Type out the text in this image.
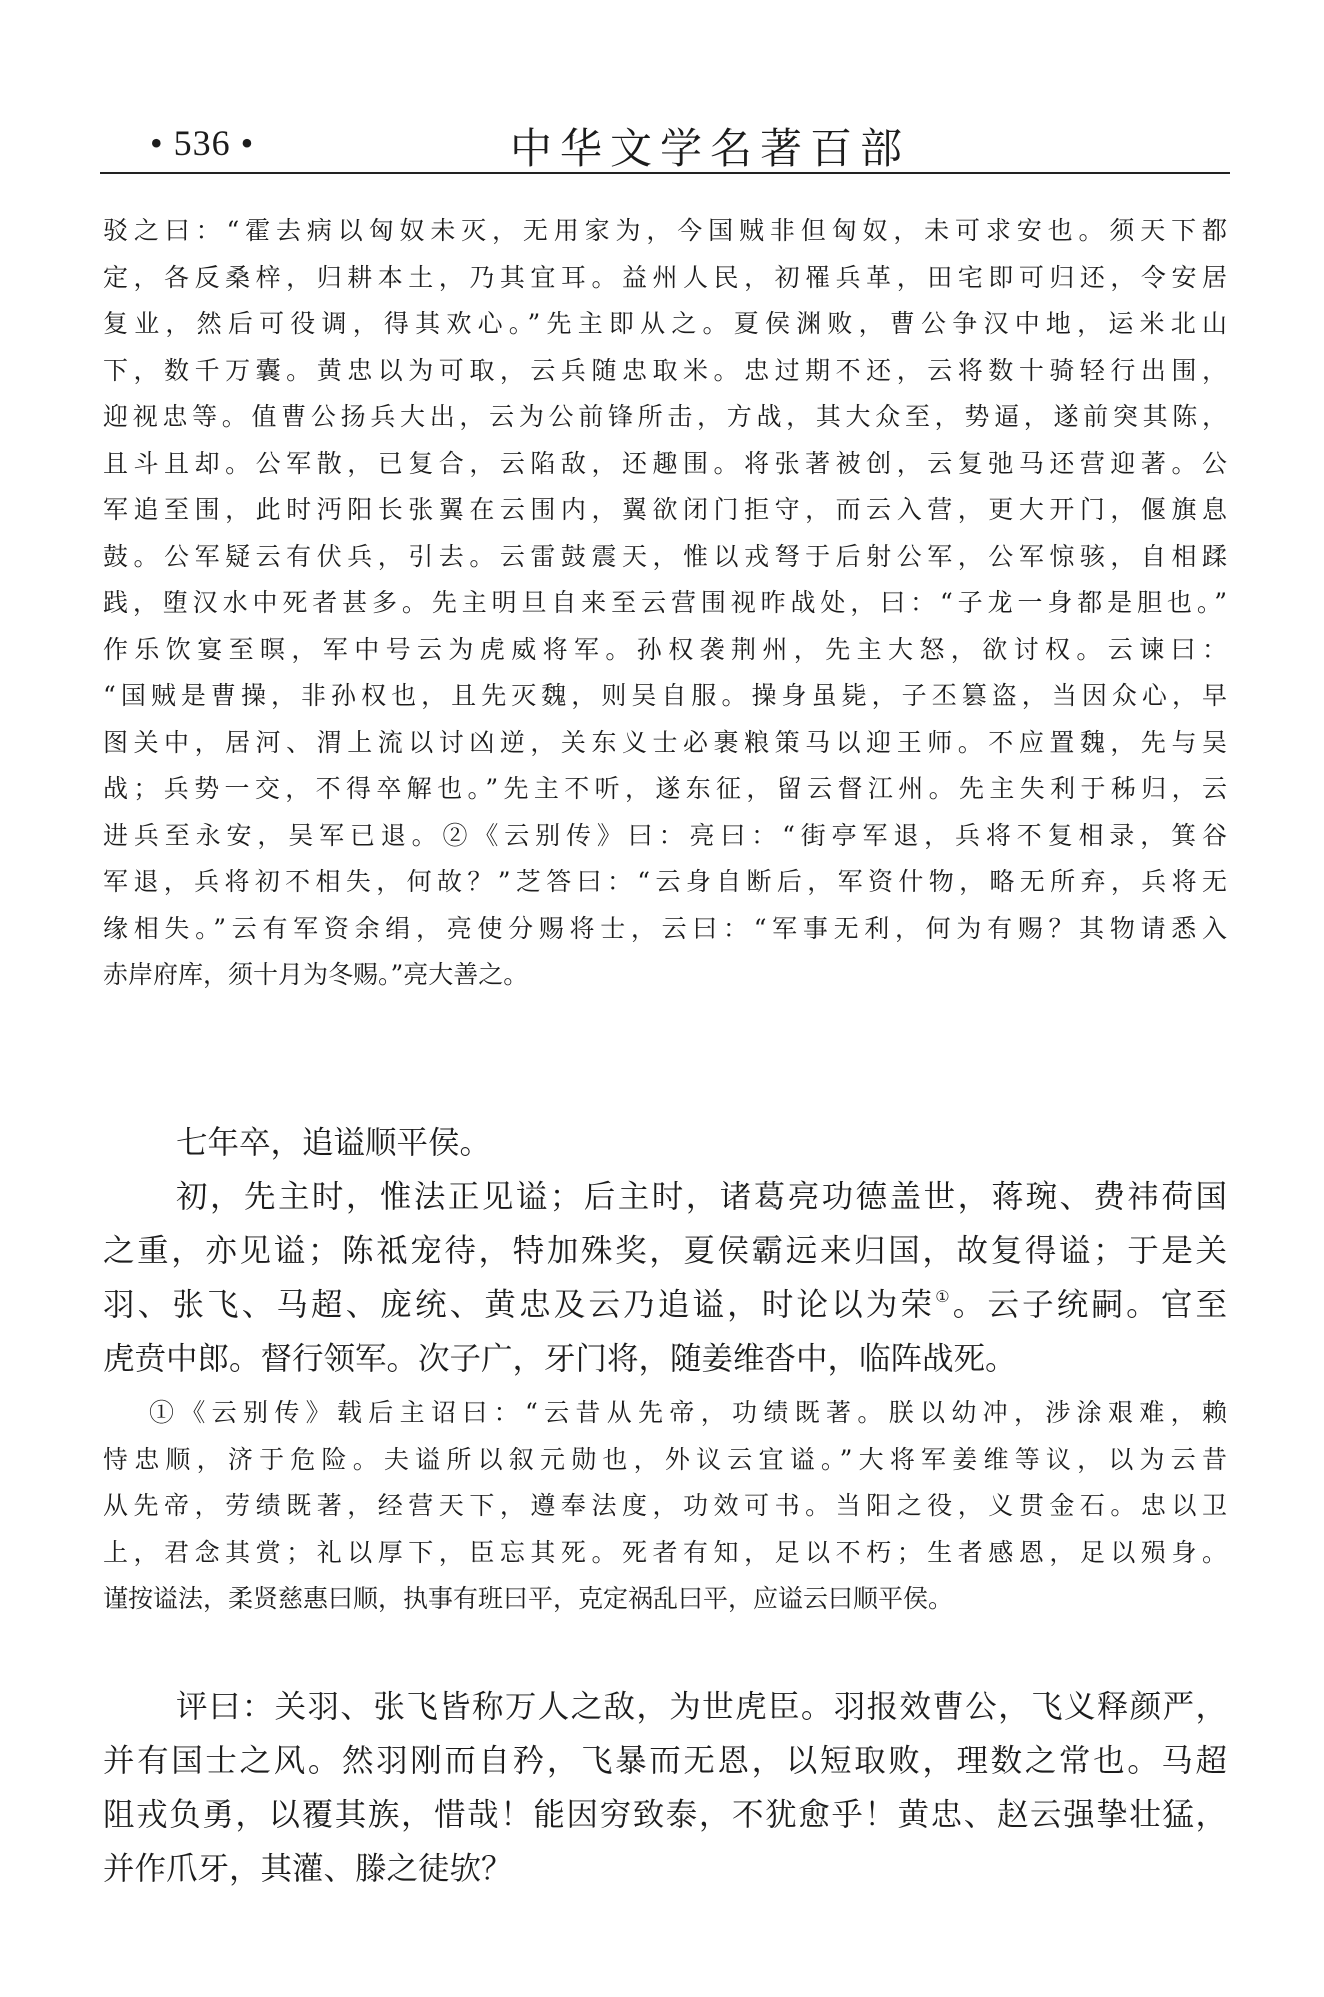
• 536 •	中华文学名著百部
驳之曰：“霍去病以匈奴未灭，无用家为，今国贼非但匈奴，未可求安也。须天下都
定，各反桑梓，归耕本土，乃其宜耳。益州人民，初罹兵革，田宅即可归还，令安居
复业，然后可役调，得其欢心。”先主即从之。夏侯渊败，曹公争汉中地，运米北山
下，数千万囊。黄忠以为可取，云兵随忠取米。忠过期不还，云将数十骑轻行出围，
迎视忠等。值曹公扬兵大出，云为公前锋所击，方战，其大众至，势逼，遂前突其陈，
且斗且却。公军散，已复合，云陷敌，还趣围。将张著被创，云复弛马还营迎著。公
军追至围，此时沔阳长张翼在云围内，翼欲闭门拒守，而云入营，更大开门，偃旗息
鼓。公军疑云有伏兵，引去。云雷鼓震天，惟以戎弩于后射公军，公军惊骇，自相蹂
践，堕汉水中死者甚多。先主明旦自来至云营围视昨战处，曰：“子龙一身都是胆也。”
作乐饮宴至暝，军中号云为虎威将军。孙权袭荆州，先主大怒，欲讨权。云谏曰：
“国贼是曹操，非孙权也，且先灭魏，则吴自服。操身虽毙，子丕篡盗，当因众心，早
图关中，居河、渭上流以讨凶逆，关东义士必裹粮策马以迎王师。不应置魏，先与吴
战；兵势一交，不得卒解也。”先主不听，遂东征，留云督江州。先主失利于秭归，云
进兵至永安，吴军已退。②《云别传》曰：亮曰：“街亭军退，兵将不复相录，箕谷
军退，兵将初不相失，何故？”芝答曰：“云身自断后，军资什物，略无所弃，兵将无
缘相失。”云有军资余绢，亮使分赐将士，云曰：“军事无利，何为有赐？其物请悉入
赤岸府库，须十月为冬赐。”亮大善之。
七年卒，追谥顺平侯。
初，先主时，惟法正见谥；后主时，诸葛亮功德盖世，蒋琬、费祎荷国
之重，亦见谥；陈祗宠待，特加殊奖，夏侯霸远来归国，故复得谥；于是关
羽、张飞、马超、庞统、黄忠及云乃追谥，时论以为荣①。云子统嗣。官至
虎贲中郎。督行领军。次子广，牙门将，随姜维沓中，临阵战死。
①《云别传》载后主诏曰：“云昔从先帝，功绩既著。朕以幼冲，涉涂艰难，赖
恃忠顺，济于危险。夫谥所以叙元勋也，外议云宜谥。”大将军姜维等议，以为云昔
从先帝，劳绩既著，经营天下，遵奉法度，功效可书。当阳之役，义贯金石。忠以卫
上，君念其赏；礼以厚下，臣忘其死。死者有知，足以不朽；生者感恩，足以殒身。
谨按谥法，柔贤慈惠曰顺，执事有班曰平，克定祸乱曰平，应谥云曰顺平侯。
评曰：关羽、张飞皆称万人之敌，为世虎臣。羽报效曹公，飞义释颜严，
并有国士之风。然羽刚而自矜，飞暴而无恩，以短取败，理数之常也。马超
阻戎负勇，以覆其族，惜哉！能因穷致泰，不犹愈乎！黄忠、赵云强挚壮猛，
并作爪牙，其灌、滕之徒欤？
